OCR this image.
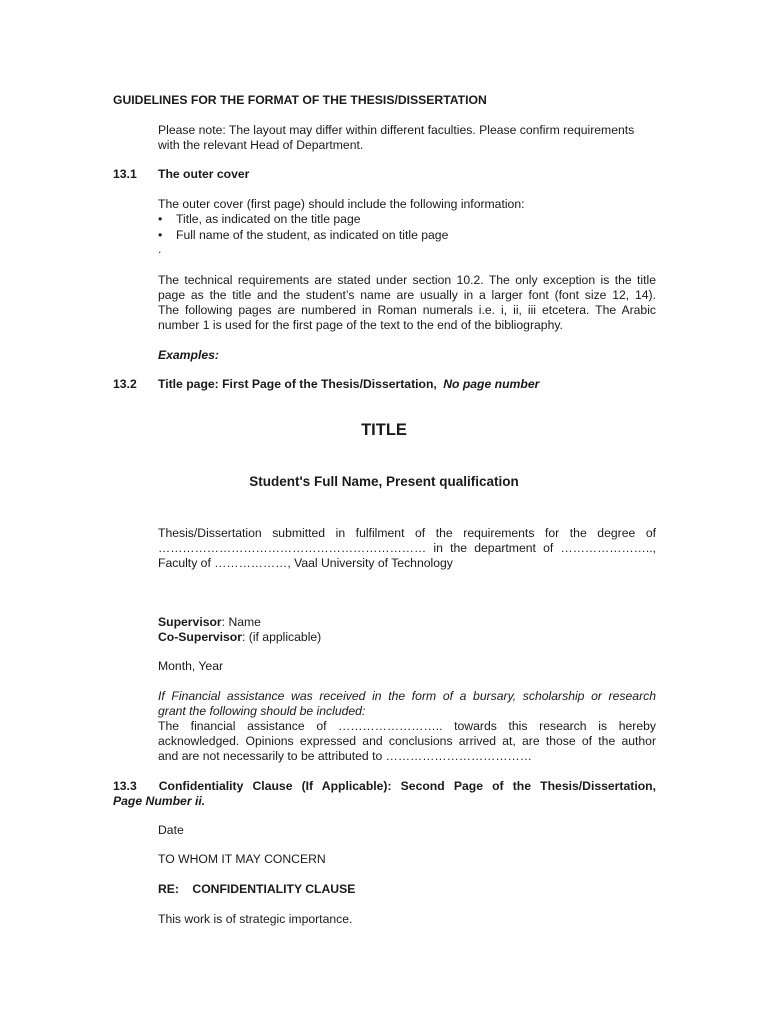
GUIDELINES FOR THE FORMAT OF THE THESIS/DISSERTATION
Please note: The layout may differ within different faculties. Please confirm requirements
with the relevant Head of Department.
13.1 The outer cover
The outer cover (first page) should include the following information:
• Title, as indicated on the title page
• Full name of the student, as indicated on title page
.
The technical requirements are stated under section 10.2. The only exception is the title
page as the title and the student’s name are usually in a larger font (font size 12, 14).
The following pages are numbered in Roman numerals i.e. i, ii, iii etcetera. The Arabic
number 1 is used for the first page of the text to the end of the bibliography.
Examples:
13.2 Title page: First Page of the Thesis/Dissertation, No page number
TITLE
Student's Full Name, Present qualification
Thesis/Dissertation submitted in fulfilment of the requirements for the degree of
………………………………………………………… in the department of …………………..,
Faculty of ………………, Vaal University of Technology
Supervisor: Name
Co-Supervisor: (if applicable)
Month, Year
If Financial assistance was received in the form of a bursary, scholarship or research
grant the following should be included:
The financial assistance of …………………….. towards this research is hereby
acknowledged. Opinions expressed and conclusions arrived at, are those of the author
and are not necessarily to be attributed to ………………………………
13.3 Confidentiality Clause (If Applicable): Second Page of the Thesis/Dissertation,
Page Number ii.
Date
TO WHOM IT MAY CONCERN
RE: CONFIDENTIALITY CLAUSE
This work is of strategic importance.
